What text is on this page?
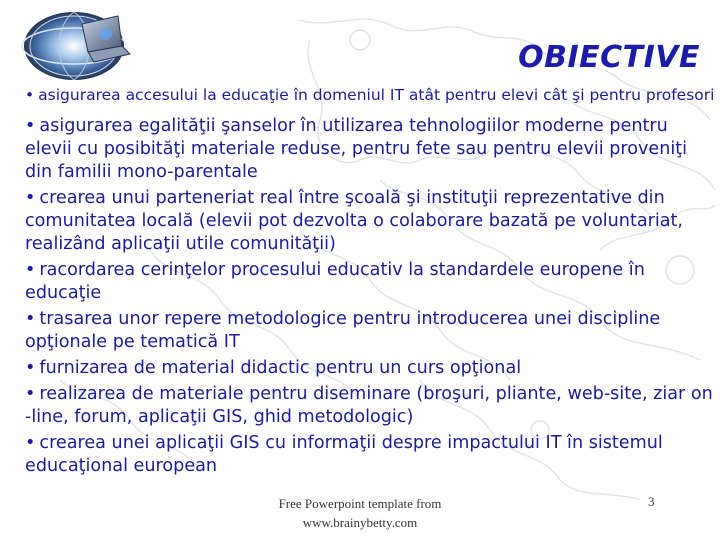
OBIECTIVE

• asigurarea accesului la educaţie în domeniul IT atât pentru elevi cât şi pentru profesori

• asigurarea egalităţii şanselor în utilizarea tehnologiilor moderne pentru elevii cu posibităţi materiale reduse, pentru fete sau pentru elevii proveniţi din familii mono-parentale

• crearea unui parteneriat real între şcoală şi instituţii reprezentative din comunitatea locală (elevii pot dezvolta o colaborare bazată pe voluntariat, realizând aplicaţii utile comunităţii)

• racordarea cerinţelor procesului educativ la standardele europene în educaţie

• trasarea unor repere metodologice pentru introducerea unei discipline opţionale pe tematică IT

• furnizarea de material didactic pentru un curs opţional

• realizarea de materiale pentru diseminare (broşuri, pliante, web-site, ziar on -line, forum, aplicaţii GIS, ghid metodologic)

• crearea unei aplicaţii GIS cu informaţii despre impactului IT în sistemul educaţional european

Free Powerpoint template from
www.brainybetty.com
3
